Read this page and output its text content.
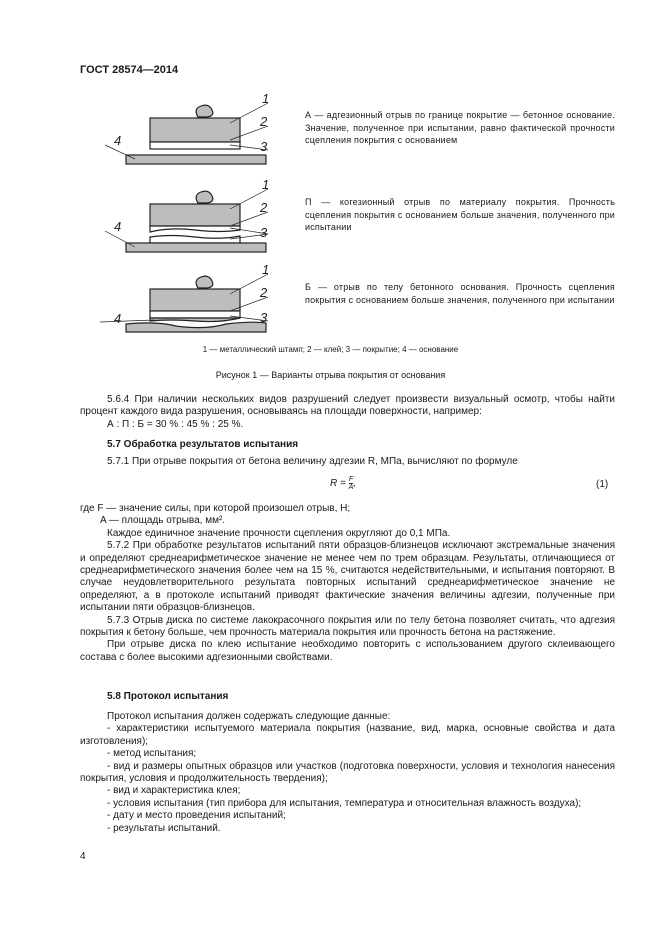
ГОСТ 28574—2014
1
2
3
4
1
2
3
4
1
2
3
4
А — адгезионный отрыв по границе покрытие — бетонное основание. Значение, полученное при испытании, равно фактической прочности сцепления покрытия с основанием
П — когезионный отрыв по материалу покрытия. Прочность сцепления покрытия с основанием больше значения, полученного при испытании
Б — отрыв по телу бетонного основания. Прочность сцепления покрытия с основанием больше значения, полученного при испытании
1 — металлический штамп; 2 — клей; 3 — покрытие; 4 — основание
Рисунок 1 — Варианты отрыва покрытия от основания

5.6.4 При наличии нескольких видов разрушений следует произвести визуальный осмотр, чтобы найти процент каждого вида разрушения, основываясь на площади поверхности, например:

А : П : Б = 30 % : 45 % : 25 %.

5.7 Обработка результатов испытания

5.7.1 При отрыве покрытия от бетона величину адгезии R, МПа, вычисляют по формуле

$R = \frac{F}{A}$ ,	(1)

где F — значение силы, при которой произошел отрыв, Н;

A — площадь отрыва, мм².

Каждое единичное значение прочности сцепления округляют до 0,1 МПа.

5.7.2 При обработке результатов испытаний пяти образцов-близнецов исключают экстремальные значения и определяют среднеарифметическое значение не менее чем по трем образцам. Результаты, отличающиеся от среднеарифметического значения более чем на 15 %, считаются недействительными, и испытания повторяют. В случае неудовлетворительного результата повторных испытаний среднеарифметическое значение не определяют, а в протоколе испытаний приводят фактические значения величины адгезии, полученные при испытании пяти образцов-близнецов.

5.7.3 Отрыв диска по системе лакокрасочного покрытия или по телу бетона позволяет считать, что адгезия покрытия к бетону больше, чем прочность материала покрытия или прочность бетона на растяжение.

При отрыве диска по клею испытание необходимо повторить с использованием другого склеивающего состава с более высокими адгезионными свойствами.

5.8 Протокол испытания

Протокол испытания должен содержать следующие данные:

- характеристики испытуемого материала покрытия (название, вид, марка, основные свойства и дата изготовления);

- метод испытания;

- вид и размеры опытных образцов или участков (подготовка поверхности, условия и технология нанесения покрытия, условия и продолжительность твердения);

- вид и характеристика клея;

- условия испытания (тип прибора для испытания, температура и относительная влажность воздуха);

- дату и место проведения испытаний;

- результаты испытаний.

4
